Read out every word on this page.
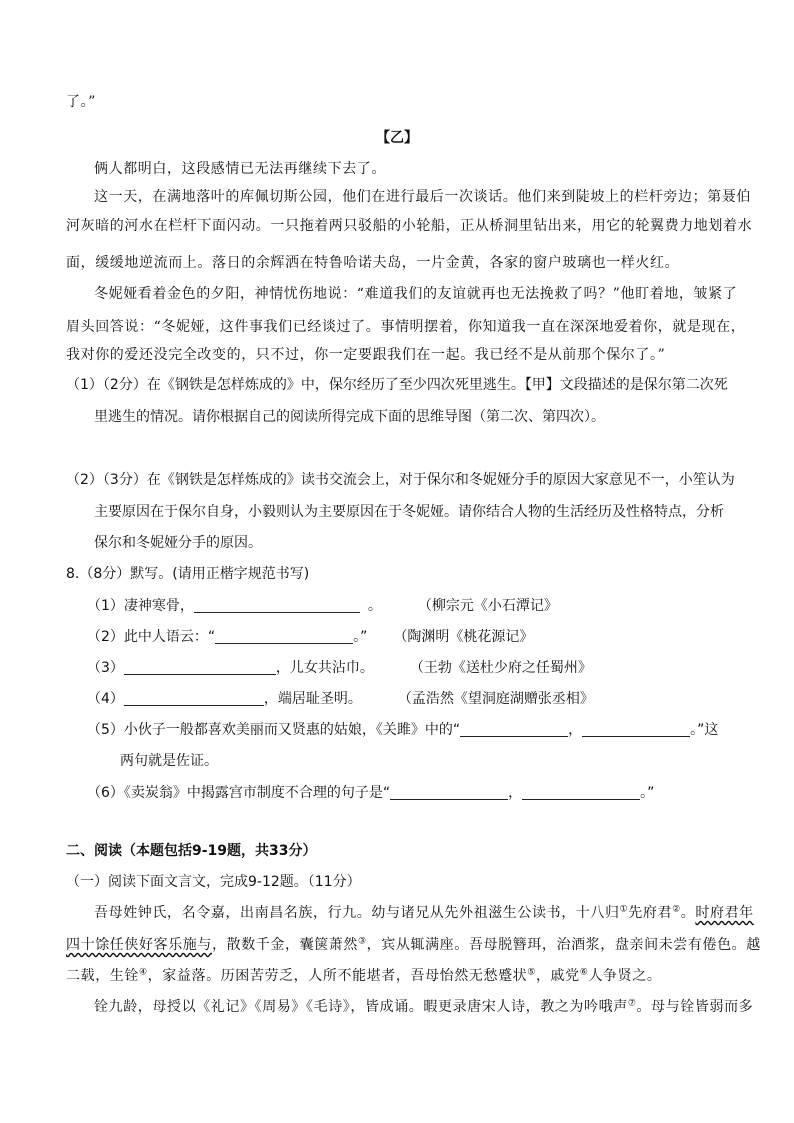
了。”
【乙】
俩人都明白，这段感情已无法再继续下去了。
这一天，在满地落叶的库佩切斯公园，他们在进行最后一次谈话。他们来到陡坡上的栏杆旁边；第聂伯
河灰暗的河水在栏杆下面闪动。一只拖着两只驳船的小轮船，正从桥洞里钻出来，用它的轮翼费力地划着水
面，缓缓地逆流而上。落日的余辉洒在特鲁哈诺夫岛，一片金黄，各家的窗户玻璃也一样火红。
冬妮娅看着金色的夕阳，神情忧伤地说：“难道我们的友谊就再也无法挽救了吗？”他盯着地，皱紧了
眉头回答说：“冬妮娅，这件事我们已经谈过了。事情明摆着，你知道我一直在深深地爱着你，就是现在，
我对你的爱还没完全改变的，只不过，你一定要跟我们在一起。我已经不是从前那个保尔了。”
（1）（2分）在《钢铁是怎样炼成的》中，保尔经历了至少四次死里逃生。【甲】文段描述的是保尔第二次死
里逃生的情况。请你根据自己的阅读所得完成下面的思维导图（第二次、第四次）。
（2）（3分）在《钢铁是怎样炼成的》读书交流会上，对于保尔和冬妮娅分手的原因大家意见不一，小笙认为
主要原因在于保尔自身，小毅则认为主要原因在于冬妮娅。请你结合人物的生活经历及性格特点，分析
保尔和冬妮娅分手的原因。
8.（8分）默写。(请用正楷字规范书写)
（1）凄神寒骨，	。	（柳宗元《小石潭记》
（2）此中人语云：“	。” （陶渊明《桃花源记》
（3）	，儿女共沾巾。	（王勃《送杜少府之任蜀州》
（4）	，端居耻圣明。	（孟浩然《望洞庭湖赠张丞相》
（5）小伙子一般都喜欢美丽而又贤惠的姑娘，《关雎》中的“	，	。”这
两句就是佐证。
（6）《卖炭翁》中揭露宫市制度不合理的句子是“	，	。”
二、阅读（本题包括9-19题，共33分）
（一）阅读下面文言文，完成9-12题。（11分）
吾母姓钟氏，名令嘉，出南昌名族，行九。幼与诸兄从先外祖滋生公读书，十八归①先府君②。时府君年
四十馀任侠好客乐施与，散数千金，囊箧萧然③，宾从辄满座。吾母脱簪珥，治酒浆，盘亲间未尝有倦色。越
二载，生铨④，家益落。历困苦劳乏，人所不能堪者，吾母怡然无愁蹙状⑤，戚党⑥人争贤之。
铨九龄，母授以《礼记》《周易》《毛诗》，皆成诵。暇更录唐宋人诗，教之为吟哦声⑦。母与铨皆弱而多
